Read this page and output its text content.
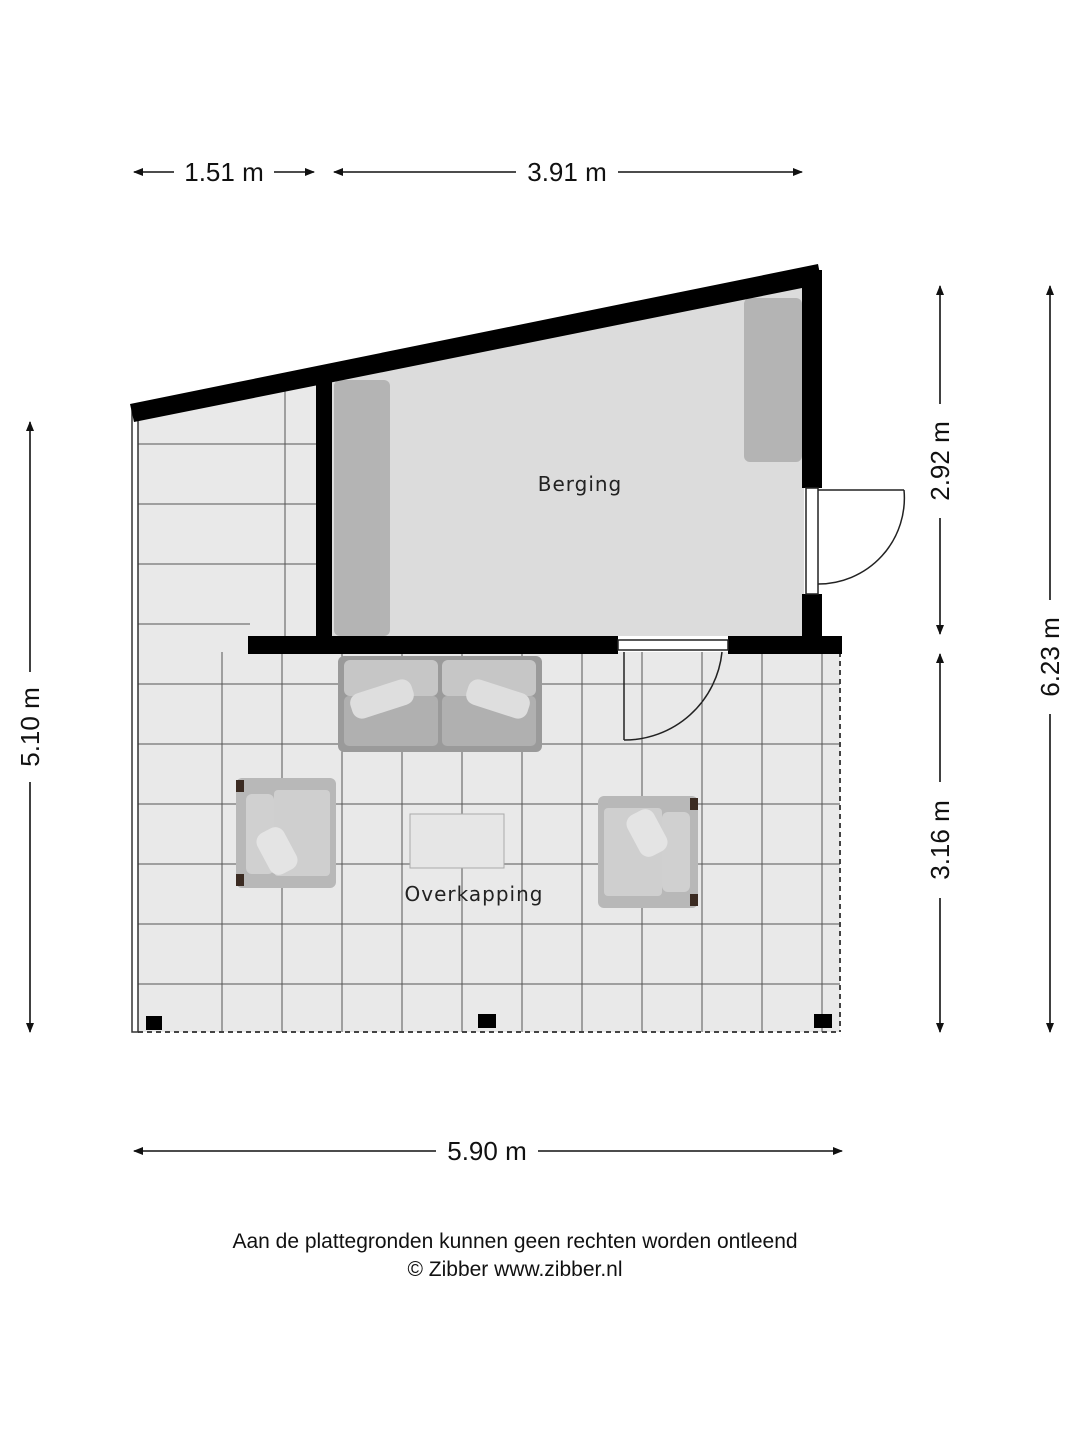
Berging
Overkapping
1.51 m	3.91 m
5.90 m
5.10 m
2.92 m
3.16 m
6.23 m
Aan de plattegronden kunnen geen rechten worden ontleend
© Zibber www.zibber.nl
